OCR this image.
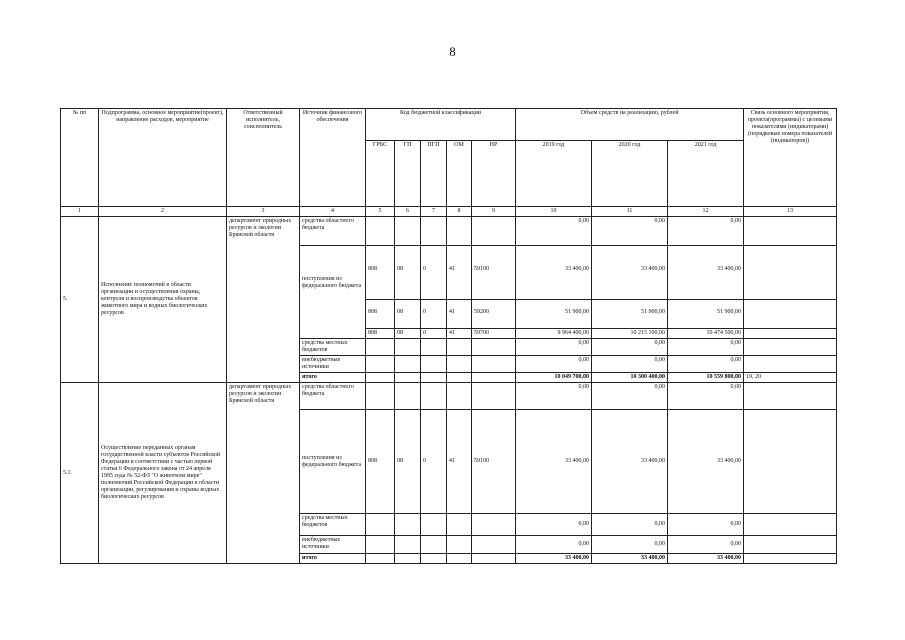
8
№ пп	Подпрограмма, основное мероприятие(проект), направление расходов, мероприятие	Ответственный исполнитель, соисполнитель	Источник финансового обеспечения	Код бюджетной классификации					Объем средств на реализацию, рублей			Связь основного мероприятия, проекта(программы) с целевыми показателями (индикаторами) (порядковые номера показателей (индикаторов))
				ГРБС	ГП	ПГП	ОМ	НР	2019 год	2020 год	2021 год	
1	2	3	4	5	6	7	8	9	10	11	12	13
5.	Исполнение полномочий в области организации и осуществления охраны, контроля и воспроизводства объектов животного мира и водных биологических ресурсов	департамент природных ресурсов и экологии Брянской области	средства областного бюджета						0,00	0,00	0,00	
			поступления из федерального бюджета	808	08	0	41	59100	33 400,00	33 400,00	33 400,00	
				808	08	0	41	59200	51 900,00	51 900,00	51 900,00	
				808	08	0	41	59700	9 964 400,00	10 215 100,00	10 474 500,00	
			средства местных бюджетов						0,00	0,00	0,00	
			внебюджетные источники						0,00	0,00	0,00	
			итого						10 049 700,00	10 300 400,00	10 559 800,00	19, 20
5.1.	Осуществление переданных органам государственной власти субъектов Российской Федерации в соответствии с частью первой статьи 6 Федерального закона от 24 апреля 1995 года № 52-ФЗ "О животном мире" полномочий Российской Федерации в области организации, регулирования и охраны водных биологических ресурсов	департамент природных ресурсов и экологии Брянской области	средства областного бюджета						0,00	0,00	0,00	
			поступления из федерального бюджета	808	08	0	41	59100	33 400,00	33 400,00	33 400,00	
			средства местных бюджетов						0,00	0,00	0,00	
			внебюджетные источники						0,00	0,00	0,00	
			итого						33 400,00	33 400,00	33 400,00	
